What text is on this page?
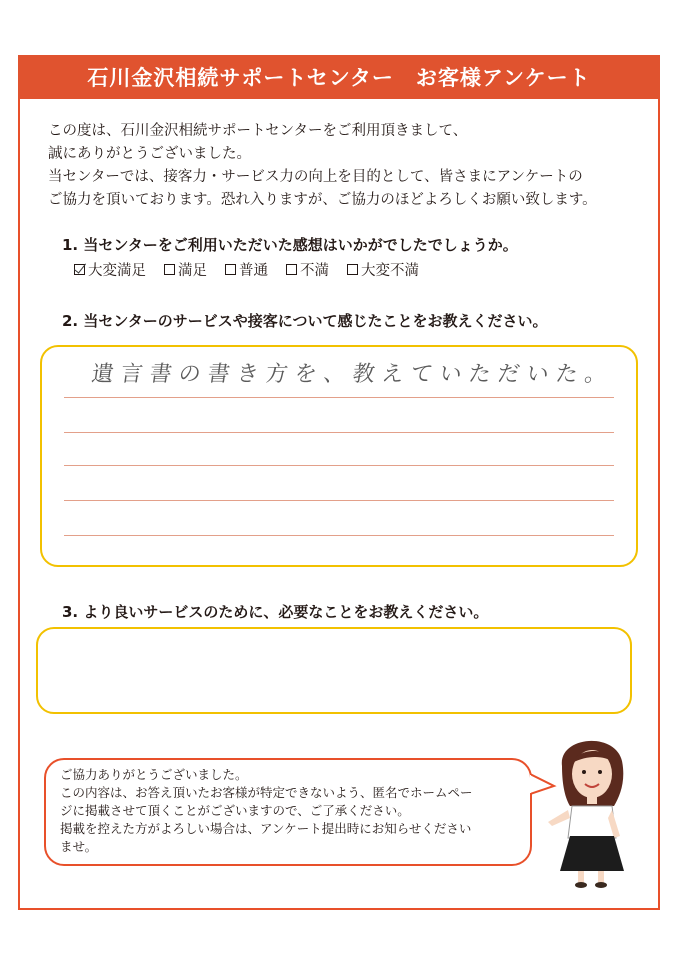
石川金沢相続サポートセンター　お客様アンケート
この度は、石川金沢相続サポートセンターをご利用頂きまして、
誠にありがとうございました。
当センターでは、接客力・サービス力の向上を目的として、皆さまにアンケートの
ご協力を頂いております。恐れ入りますが、ご協力のほどよろしくお願い致します。
1. 当センターをご利用いただいた感想はいかがでしたでしょうか。
大変満足 満足 普通 不満 大変不満
2. 当センターのサービスや接客について感じたことをお教えください。
遺言書の書き方を、教えていただいた。
3. より良いサービスのために、必要なことをお教えください。
ご協力ありがとうございました。
この内容は、お答え頂いたお客様が特定できないよう、匿名でホームペー
ジに掲載させて頂くことがございますので、ご了承ください。
掲載を控えた方がよろしい場合は、アンケート提出時にお知らせください
ませ。
